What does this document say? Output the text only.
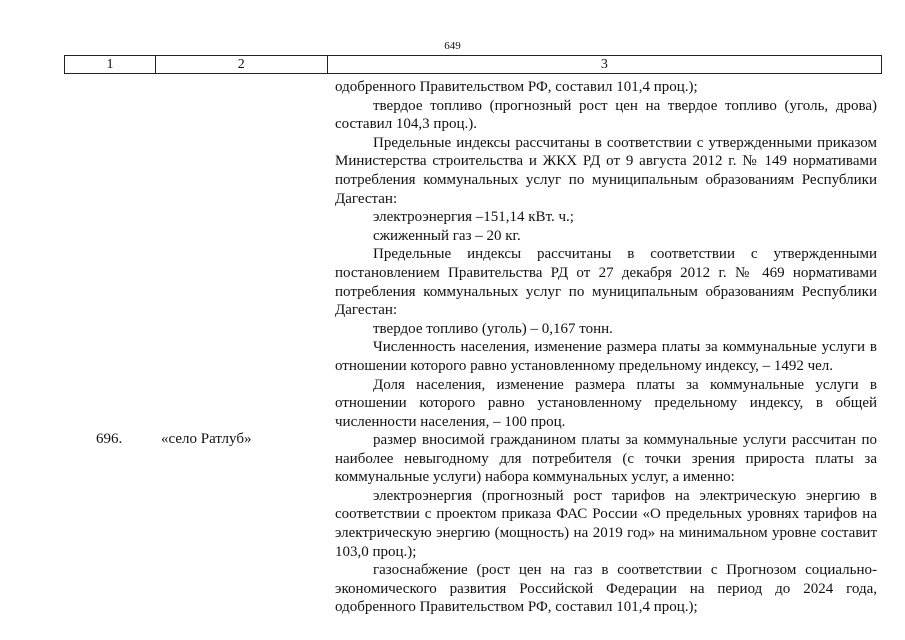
649
1	2	3

одобренного Правительством РФ, составил 101,4 проц.);

твердое топливо (прогнозный рост цен на твердое топливо (уголь, дрова) составил 104,3 проц.).

Предельные индексы рассчитаны в соответствии с утвержденными приказом Министерства строительства и ЖКХ РД от 9 августа 2012 г. № 149 нормативами потребления коммунальных услуг по муниципальным образованиям Республики Дагестан:

электроэнергия –151,14 кВт. ч.;

сжиженный газ – 20 кг.

Предельные индексы рассчитаны в соответствии с утвержденными постановлением Правительства РД от 27 декабря 2012 г. № 469 нормативами потребления коммунальных услуг по муниципальным образованиям Республики Дагестан:

твердое топливо (уголь) – 0,167 тонн.

Численность населения, изменение размера платы за коммунальные услуги в отношении которого равно установленному предельному индексу, – 1492 чел.

Доля населения, изменение размера платы за коммунальные услуги в отношении которого равно установленному предельному индексу, в общей численности населения, – 100 проц.

696.	«село Ратлуб»	размер вносимой гражданином платы за коммунальные услуги рассчитан по наиболее невыгодному для потребителя (с точки зрения прироста платы за коммунальные услуги) набора коммунальных услуг, а именно:

электроэнергия (прогнозный рост тарифов на электрическую энергию в соответствии с проектом приказа ФАС России «О предельных уровнях тарифов на электрическую энергию (мощность) на 2019 год» на минимальном уровне составит 103,0 проц.);

газоснабжение (рост цен на газ в соответствии с Прогнозом социально-экономического развития Российской Федерации на период до 2024 года, одобренного Правительством РФ, составил 101,4 проц.);
